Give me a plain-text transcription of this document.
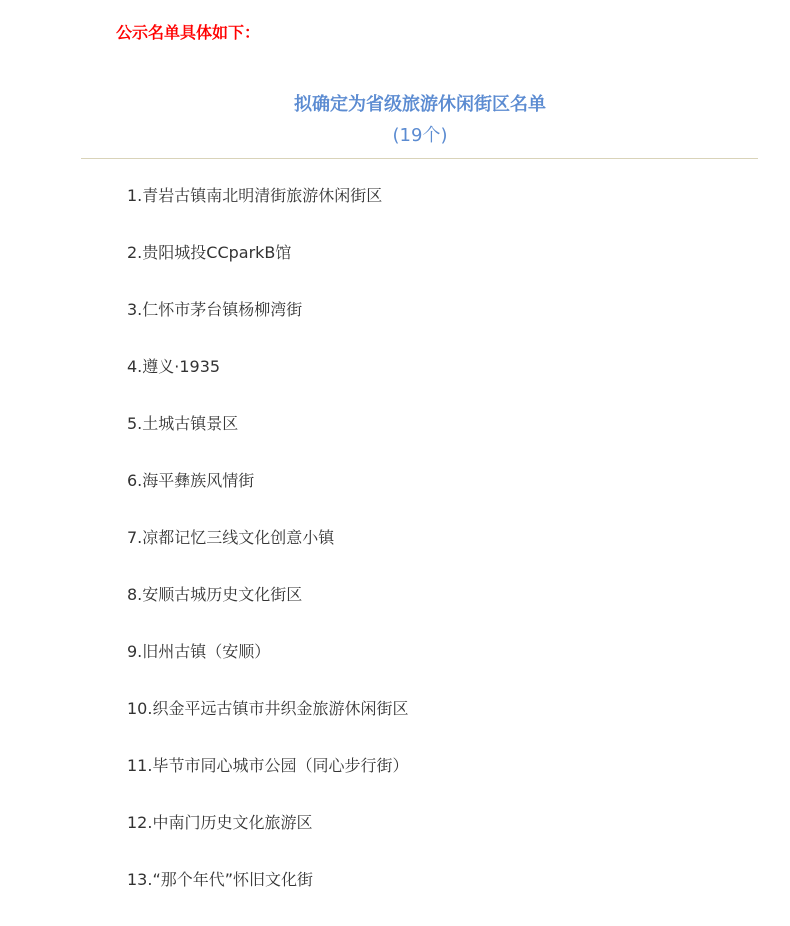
公示名单具体如下：
拟确定为省级旅游休闲街区名单
(19个)
1.青岩古镇南北明清街旅游休闲街区
2.贵阳城投CCparkB馆
3.仁怀市茅台镇杨柳湾街
4.遵义·1935
5.土城古镇景区
6.海平彝族风情街
7.凉都记忆三线文化创意小镇
8.安顺古城历史文化街区
9.旧州古镇（安顺）
10.织金平远古镇市井织金旅游休闲街区
11.毕节市同心城市公园（同心步行街）
12.中南门历史文化旅游区
13.“那个年代”怀旧文化街
